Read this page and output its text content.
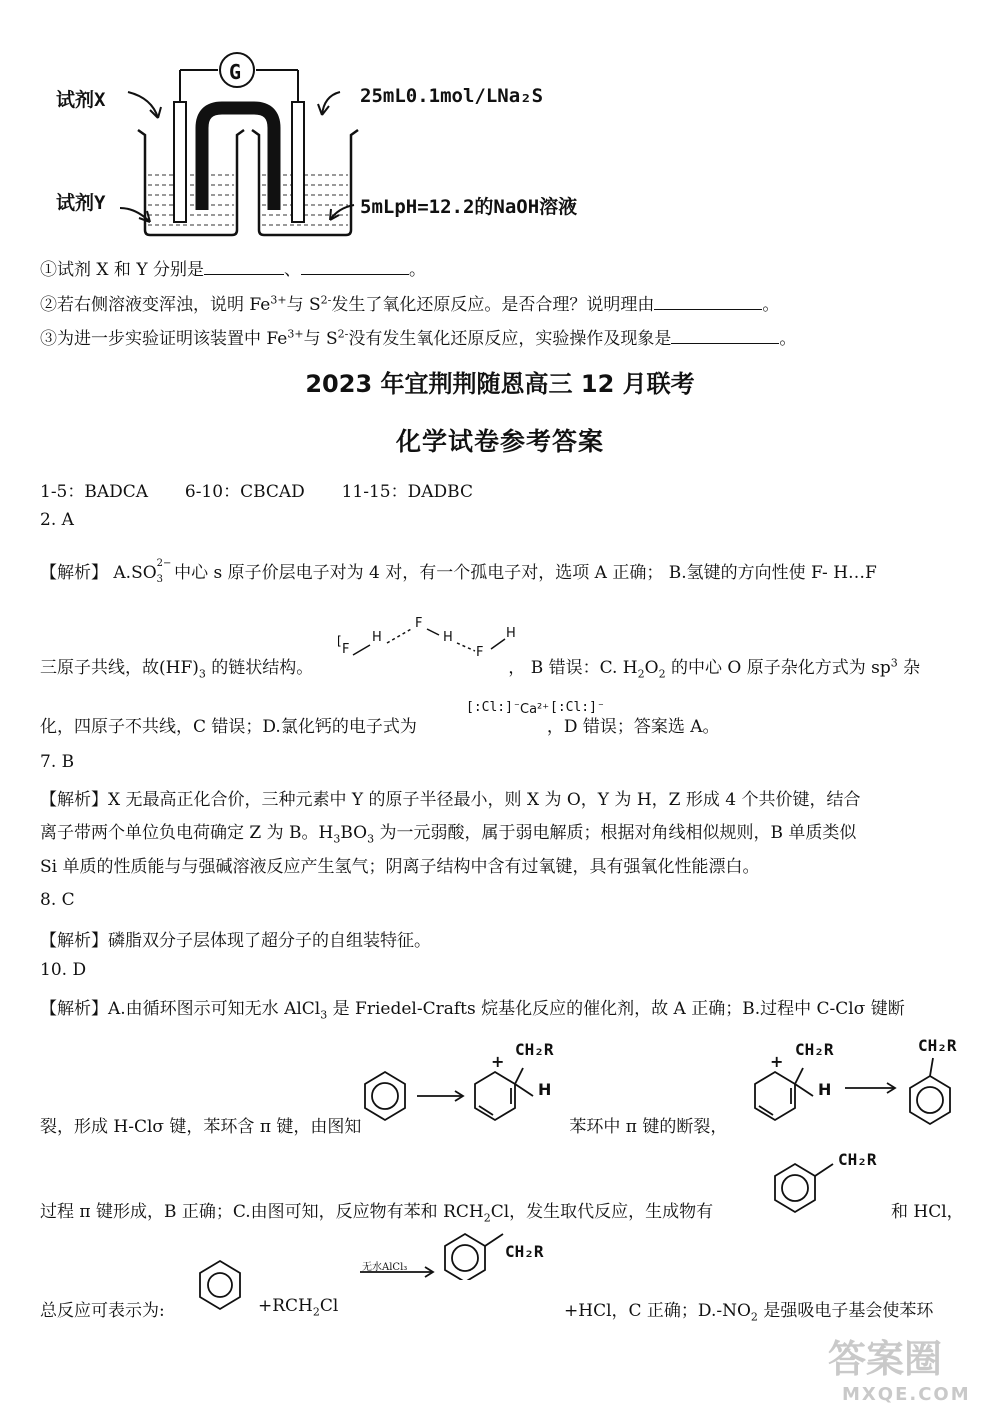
G
试剂X
试剂Y
25mL0.1mol/LNa₂S
5mLpH=12.2的NaOH溶液
①试剂 X 和 Y 分别是	、	。
②若右侧溶液变浑浊，说明 $Fe^{3+}$与 $S^{2-}$发生了氧化还原反应。是否合理？说明理由	。
③为进一步实验证明该装置中 $Fe^{3+}$与 $S^{2-}$没有发生氧化还原反应，实验操作及现象是	。
2023 年宜荆荆随恩高三 12 月联考
化学试卷参考答案
1-5：BADCA 6-10：CBCAD 11-15：DADBC
2. A
【解析】 A.SO 2−
3 中心 s 原子价层电子对为 4 对，有一个孤电子对，选项 A 正确； B.氢键的方向性使 F- H…F
三原子共线，故$(HF)_3$ 的链状结构。	， B 错误：C. $H_2O_2$ 的中心 O 原子杂化方式为 $sp^3$ 杂
[
F
H
F
H
F
H
化，四原子不共线，C 错误；D.氯化钙的电子式为	，D 错误；答案选 A。
[:Cl:]⁻ Ca²⁺ [:Cl:]⁻
7. B
【解析】X 无最高正化合价，三种元素中 Y 的原子半径最小，则 X 为 O，Y 为 H，Z 形成 4 个共价键，结合
离子带两个单位负电荷确定 Z 为 B。$H_3BO_3$ 为一元弱酸，属于弱电解质；根据对角线相似规则，B 单质类似
Si 单质的性质能与与强碱溶液反应产生氢气；阴离子结构中含有过氧键，具有强氧化性能漂白。
8. C
【解析】磷脂双分子层体现了超分子的自组装特征。
10. D
【解析】A.由循环图示可知无水 AlCl$_3$ 是 Friedel-Crafts 烷基化反应的催化剂，故 A 正确；B.过程中 C-Clσ 键断
裂，形成 H-Clσ 键，苯环含 π 键，由图知	苯环中 π 键的断裂，
过程 π 键形成，B 正确；C.由图可知，反应物有苯和 $RCH_2Cl$，发生取代反应，生成物有	和 HCl，
总反应可表示为:	$+RCH_2Cl$	+HCl，C 正确；$D.-NO_2$ 是强吸电子基会使苯环
+
CH₂R
H
+
CH₂R
H
CH₂R
CH₂R
CH₂R
无水AlCl₃
答案圈
MXQE.COM
